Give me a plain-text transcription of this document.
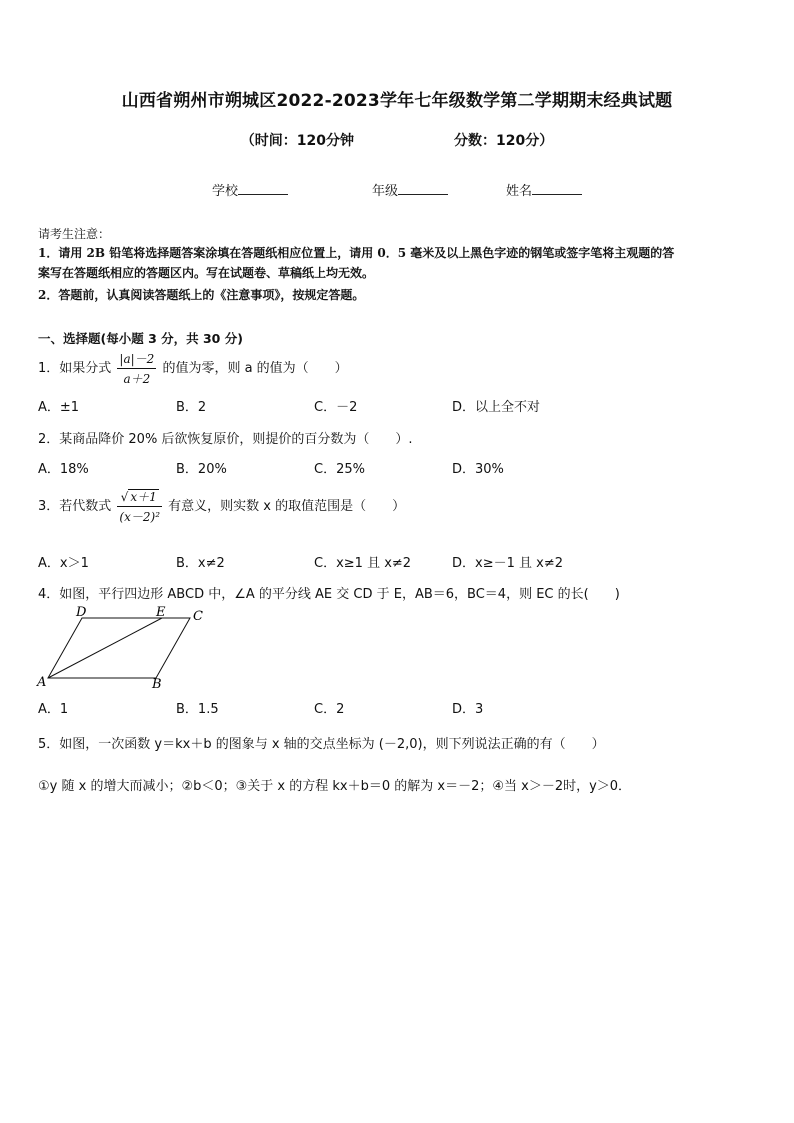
山西省朔州市朔城区2022-2023学年七年级数学第二学期期末经典试题
（时间：120分钟	分数：120分）
学校	年级	姓名
请考生注意：
1．请用 2B 铅笔将选择题答案涂填在答题纸相应位置上，请用 0．5 毫米及以上黑色字迹的钢笔或签字笔将主观题的答
案写在答题纸相应的答题区内。写在试题卷、草稿纸上均无效。
2．答题前，认真阅读答题纸上的《注意事项》，按规定答题。
一、选择题(每小题 3 分，共 30 分)
1．如果分式 $\frac{|a|-2}{a+2}$ 的值为零，则 a 的值为（　　）
A．±1	B．2	C．－2	D．以上全不对
2．某商品降价 20% 后欲恢复原价，则提价的百分数为（　　）.
A．18%	B．20%	C．25%	D．30%
3．若代数式 $\frac{√ x+1}{\text{(x－2)²}}$ 有意义，则实数 x 的取值范围是（　　）
A．x＞1	B．x≠2	C．x≥1 且 x≠2	D．x≥－1 且 x≠2
4．如图，平行四边形 ABCD 中，∠A 的平分线 AE 交 CD 于 E，AB＝6，BC＝4，则 EC 的长(　　)
A	B
C
D	E
A．1	B．1.5	C．2	D．3
5．如图，一次函数 y＝kx＋b 的图象与 x 轴的交点坐标为 (－2,0)，则下列说法正确的有（　　）
①y 随 x 的增大而减小；②b＜0；③关于 x 的方程 kx＋b＝0 的解为 x＝－2；④当 x＞－2时，y＞0．
